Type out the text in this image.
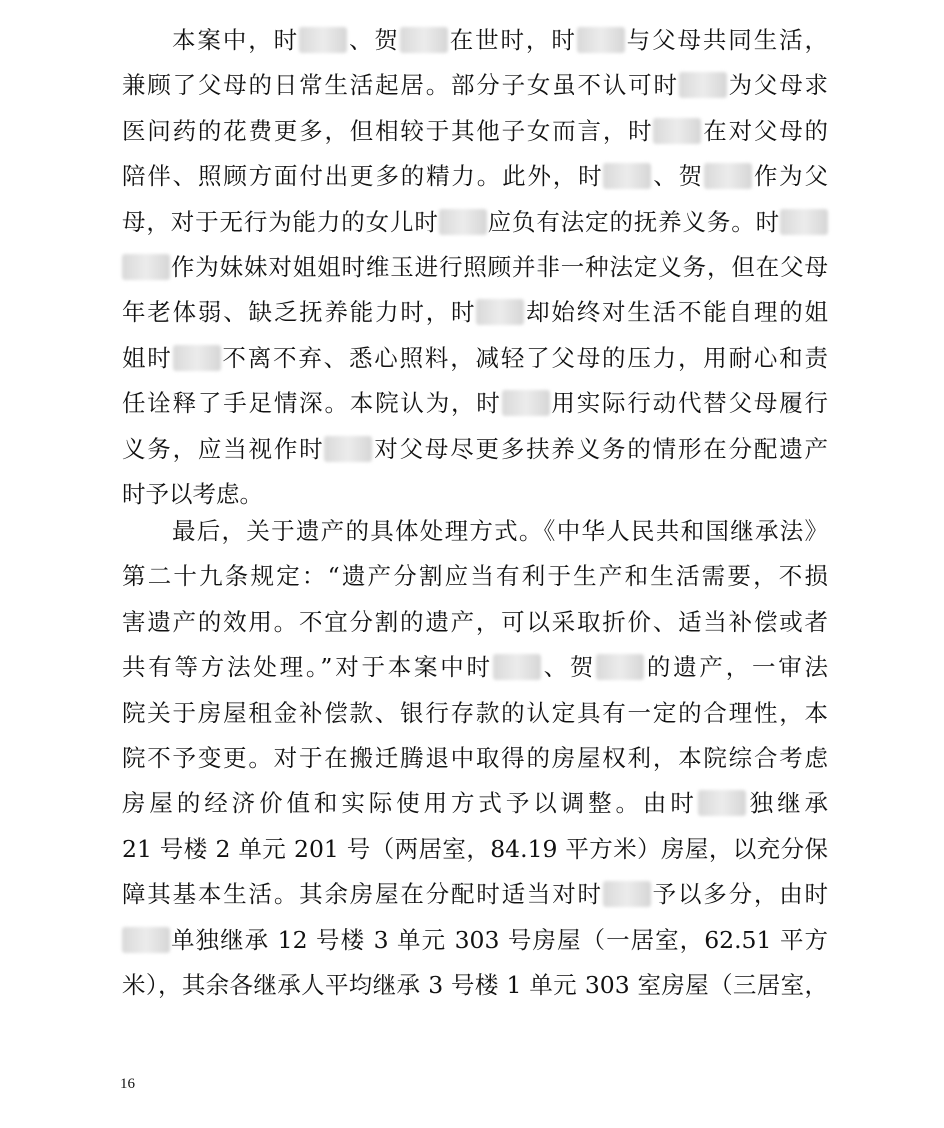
本案中，时 、贺 在世时，时 与父母共同生活，
兼顾了父母的日常生活起居。部分子女虽不认可时 为父母求
医问药的花费更多，但相较于其他子女而言，时 在对父母的
陪伴、照顾方面付出更多的精力。此外，时 、贺 作为父
母，对于无行为能力的女儿时 应负有法定的抚养义务。时
作为妹妹对姐姐时维玉进行照顾并非一种法定义务，但在父母
年老体弱、缺乏抚养能力时，时 却始终对生活不能自理的姐
姐时 不离不弃、悉心照料，减轻了父母的压力，用耐心和责
任诠释了手足情深。本院认为，时 用实际行动代替父母履行
义务，应当视作时 对父母尽更多扶养义务的情形在分配遗产
时予以考虑。
最后，关于遗产的具体处理方式。《中华人民共和国继承法》
第二十九条规定：“遗产分割应当有利于生产和生活需要，不损
害遗产的效用。不宜分割的遗产，可以采取折价、适当补偿或者
共有等方法处理。”对于本案中时 、贺 的遗产，一审法
院关于房屋租金补偿款、银行存款的认定具有一定的合理性，本
院不予变更。对于在搬迁腾退中取得的房屋权利，本院综合考虑
房屋的经济价值和实际使用方式予以调整。由时 独继承
21 号楼 2 单元 201 号（两居室，84.19 平方米）房屋，以充分保
障其基本生活。其余房屋在分配时适当对时 予以多分，由时
单独继承 12 号楼 3 单元 303 号房屋（一居室，62.51 平方
米），其余各继承人平均继承 3 号楼 1 单元 303 室房屋（三居室，
16
